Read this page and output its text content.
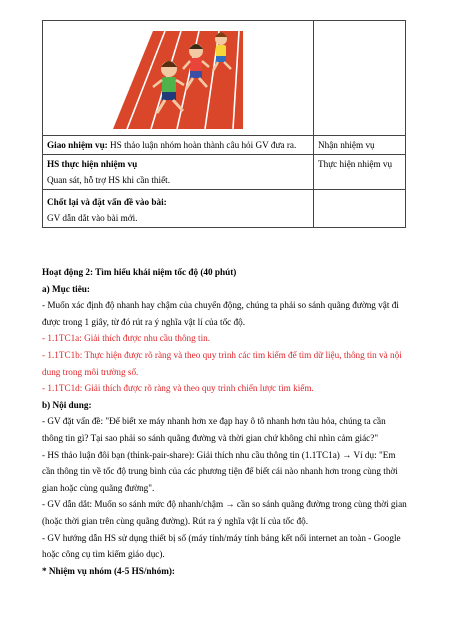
Giao nhiệm vụ: HS thảo luận nhóm hoàn thành câu hỏi GV đưa ra.	Nhận nhiệm vụ

HS thực hiện nhiệm vụ
Quan sát, hỗ trợ HS khi cần thiết.	Thực hiện nhiệm vụ

Chốt lại và đặt vấn đề vào bài:
GV dẫn dắt vào bài mới.	

Hoạt động 2: Tìm hiểu khái niệm tốc độ (40 phút)

a) Mục tiêu:

- Muốn xác định độ nhanh hay chậm của chuyển động, chúng ta phải so sánh quãng đường vật đi được trong 1 giây, từ đó rút ra ý nghĩa vật lí của tốc độ.

- 1.1TC1a: Giải thích được nhu cầu thông tin.

- 1.1TC1b: Thực hiện được rõ ràng và theo quy trình các tìm kiếm để tìm dữ liệu, thông tin và nội dung trong môi trường số.

- 1.1TC1d: Giải thích được rõ ràng và theo quy trình chiến lược tìm kiếm.

b) Nội dung:

- GV đặt vấn đề: "Để biết xe máy nhanh hơn xe đạp hay ô tô nhanh hơn tàu hỏa, chúng ta cần thông tin gì? Tại sao phải so sánh quãng đường và thời gian chứ không chỉ nhìn cảm giác?"

- HS thảo luận đôi bạn (think-pair-share): Giải thích nhu cầu thông tin (1.1TC1a) → Ví dụ: "Em cần thông tin về tốc độ trung bình của các phương tiện để biết cái nào nhanh hơn trong cùng thời gian hoặc cùng quãng đường".

- GV dẫn dắt: Muốn so sánh mức độ nhanh/chậm → cần so sánh quãng đường trong cùng thời gian (hoặc thời gian trên cùng quãng đường). Rút ra ý nghĩa vật lí của tốc độ.

- GV hướng dẫn HS sử dụng thiết bị số (máy tính/máy tính bảng kết nối internet an toàn - Google hoặc công cụ tìm kiếm giáo dục).

* Nhiệm vụ nhóm (4-5 HS/nhóm):
